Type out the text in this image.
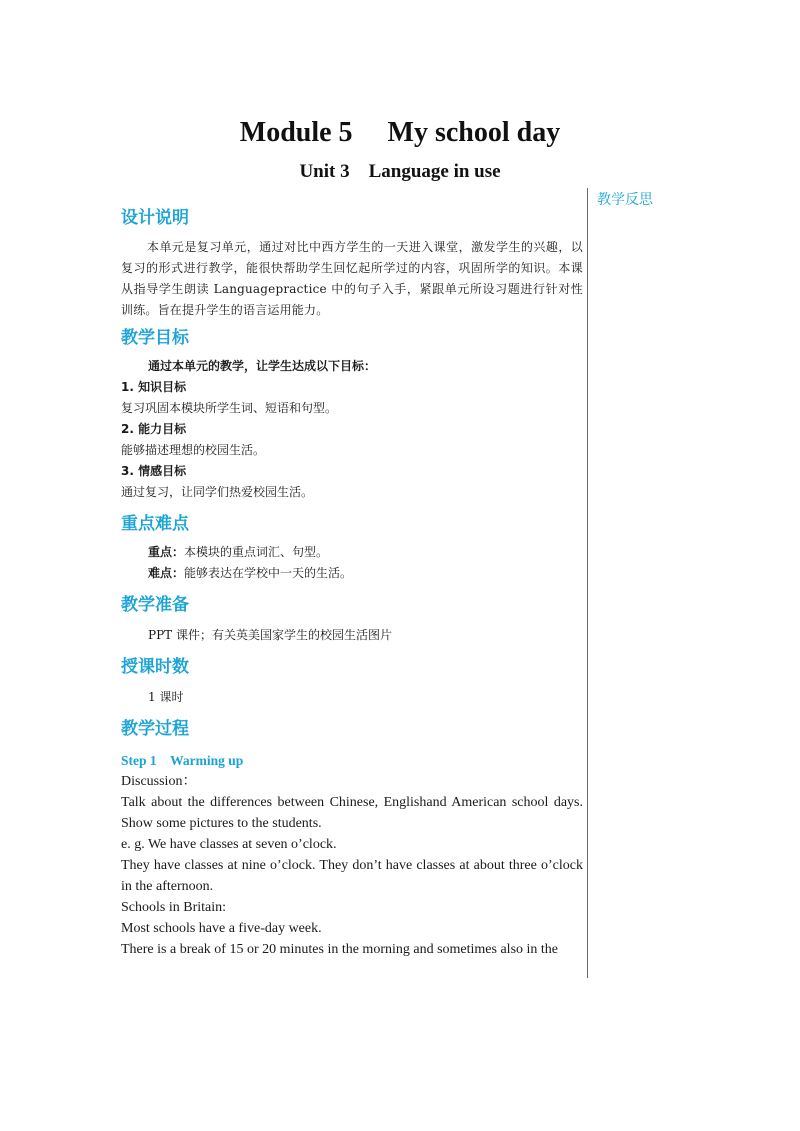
Module 5　 My school day
Unit 3　Language in use
教学反思
设计说明

本单元是复习单元，通过对比中西方学生的一天进入课堂，激发学生的兴趣，以复习的形式进行教学，能很快帮助学生回忆起所学过的内容，巩固所学的知识。本课从指导学生朗读 Languagepractice 中的句子入手，紧跟单元所设习题进行针对性训练。旨在提升学生的语言运用能力。

教学目标

通过本单元的教学，让学生达成以下目标：

1. 知识目标

复习巩固本模块所学生词、短语和句型。

2. 能力目标

能够描述理想的校园生活。

3. 情感目标

通过复习，让同学们热爱校园生活。

重点难点

重点：本模块的重点词汇、句型。

难点：能够表达在学校中一天的生活。

教学准备

PPT 课件；有关英美国家学生的校园生活图片

授课时数

1 课时

教学过程

Step 1　Warming up

Discussion：

Talk about the differences between Chinese, Englishand American school days. Show some pictures to the students.

e. g. We have classes at seven o’clock.

They have classes at nine o’clock. They don’t have classes at about three o’clock in the afternoon.

Schools in Britain:

Most schools have a five-day week.

There is a break of 15 or 20 minutes in the morning and sometimes also in the
